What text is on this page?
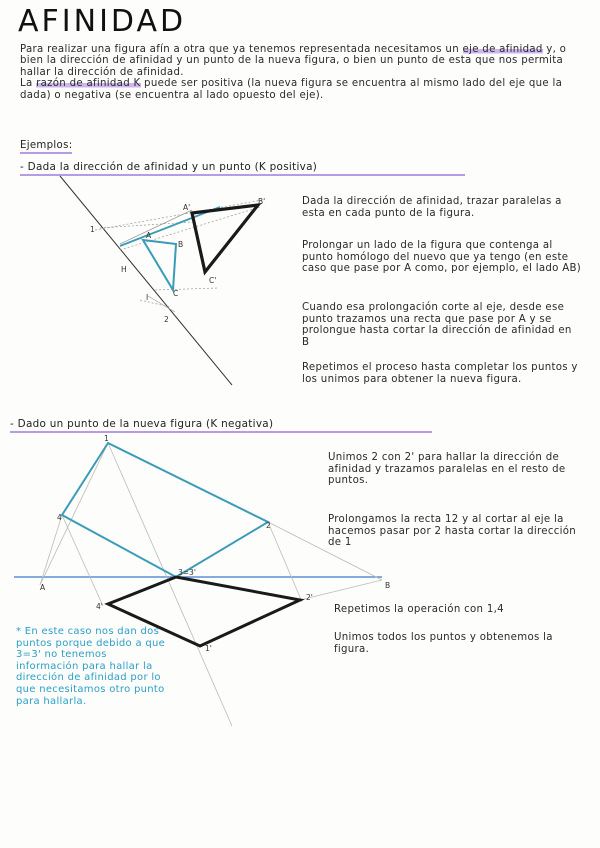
AFINIDAD
Para realizar una figura afín a otra que ya tenemos representada necesitamos un eje de afinidad y, o bien la dirección de afinidad y un punto de la nueva figura, o bien un punto de esta que nos permita hallar la dirección de afinidad.
La razón de afinidad K puede ser positiva (la nueva figura se encuentra al mismo lado del eje que la dada) o negativa (se encuentra al lado opuesto del eje).
Ejemplos:
- Dada la dirección de afinidad y un punto (K positiva)
A
B
C
A'
B'
C'
H
I
1
2
1
2
3=3'
4
1'
2'
4'
A	B

Dada la dirección de afinidad, trazar paralelas a esta en cada punto de la figura.

Prolongar un lado de la figura que contenga al punto homólogo del nuevo que ya tengo (en este caso que pase por A como, por ejemplo, el lado AB)

Cuando esa prolongación corte al eje, desde ese punto trazamos una recta que pase por A y se prolongue hasta cortar la dirección de afinidad en B

Repetimos el proceso hasta completar los puntos y los unimos para obtener la nueva figura.

- Dado un punto de la nueva figura (K negativa)

Unimos 2 con 2' para hallar la dirección de afinidad y trazamos paralelas en el resto de puntos.

Prolongamos la recta 12 y al cortar al eje la hacemos pasar por 2 hasta cortar la dirección de 1

Repetimos la operación con 1,4

Unimos todos los puntos y obtenemos la figura.

* En este caso nos dan dos puntos porque debido a que 3=3' no tenemos información para hallar la dirección de afinidad por lo que necesitamos otro punto para hallarla.
